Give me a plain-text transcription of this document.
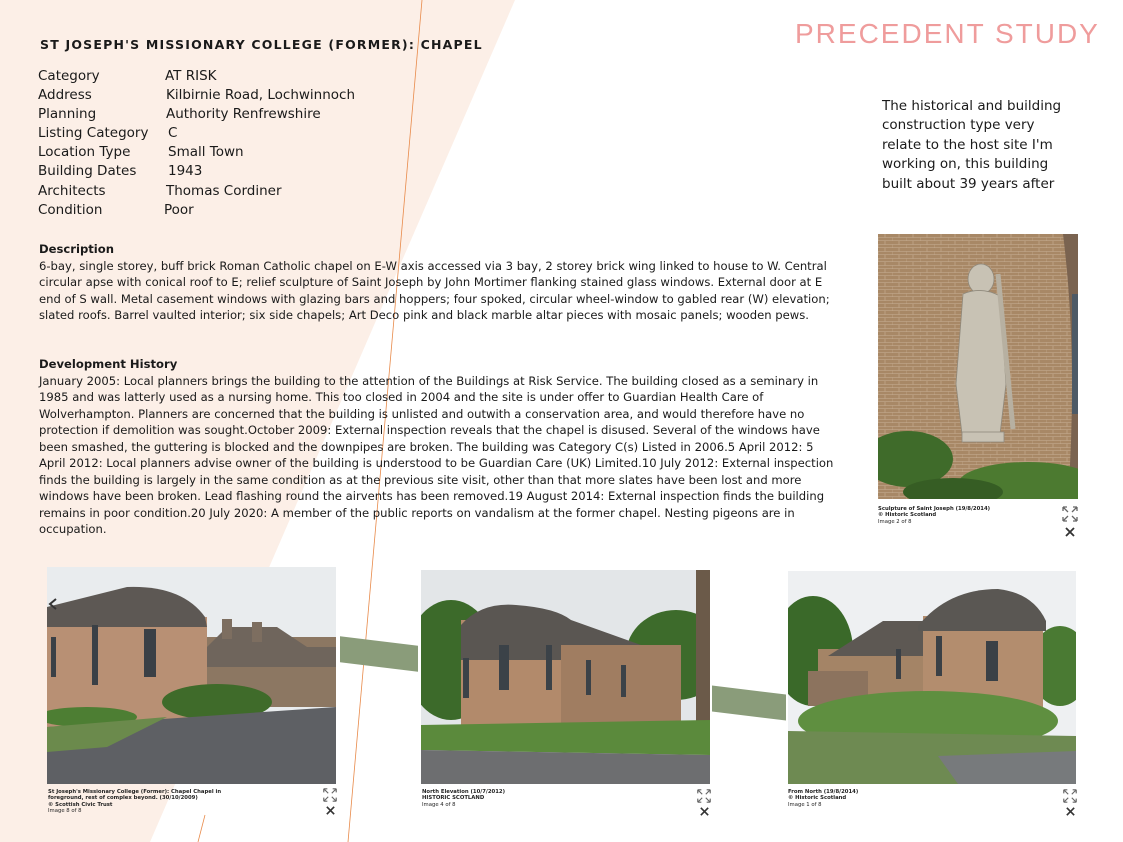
PRECEDENT STUDY
ST JOSEPH'S MISSIONARY COLLEGE (FORMER): CHAPEL
Category	AT RISK
Address	Kilbirnie Road, Lochwinnoch
Planning	Authority Renfrewshire
Listing Category C
Location Type	Small Town
Building Dates 1943
Architects	Thomas Cordiner
Condition	Poor
The historical and building construction type very relate to the host site I'm working on, this building built about 39 years after
Description

6-bay, single storey, buff brick Roman Catholic chapel on E-W axis accessed via 3 bay, 2 storey brick wing linked to house to W. Central circular apse with conical roof to E; relief sculpture of Saint Joseph by John Mortimer flanking stained glass windows. External door at E end of S wall. Metal casement windows with glazing bars and hoppers; four spoked, circular wheel-window to gabled rear (W) elevation; slated roofs. Barrel vaulted interior; six side chapels; Art Deco pink and black marble altar pieces with mosaic panels; wooden pews.

Development History

January 2005: Local planners brings the building to the attention of the Buildings at Risk Service. The building closed as a seminary in 1985 and was latterly used as a nursing home. This too closed in 2004 and the site is under offer to Guardian Health Care of Wolverhampton. Planners are concerned that the building is unlisted and outwith a conservation area, and would therefore have no protection if demolition was sought.October 2009: External inspection reveals that the chapel is disused. Several of the windows have been smashed, the guttering is blocked and the downpipes are broken. The building was Category C(s) Listed in 2006.5 April 2012: 5 April 2012: Local planners advise owner of the building is understood to be Guardian Care (UK) Limited.10 July 2012: External inspection finds the building is largely in the same condition as at the previous site visit, other than that more slates have been lost and more windows have been broken. Lead flashing round the airvents has been removed.19 August 2014: External inspection finds the building remains in poor condition.20 July 2020: A member of the public reports on vandalism at the former chapel. Nesting pigeons are in occupation.

Sculpture of Saint Joseph (19/8/2014)
© Historic Scotland
Image 2 of 8
St Joseph's Missionary College (Former): Chapel Chapel in foreground, rest of complex beyond. (30/10/2009)
© Scottish Civic Trust
Image 8 of 8
North Elevation (10/7/2012)
HISTORIC SCOTLAND
Image 4 of 8
From North (19/8/2014)
© Historic Scotland
Image 1 of 8
